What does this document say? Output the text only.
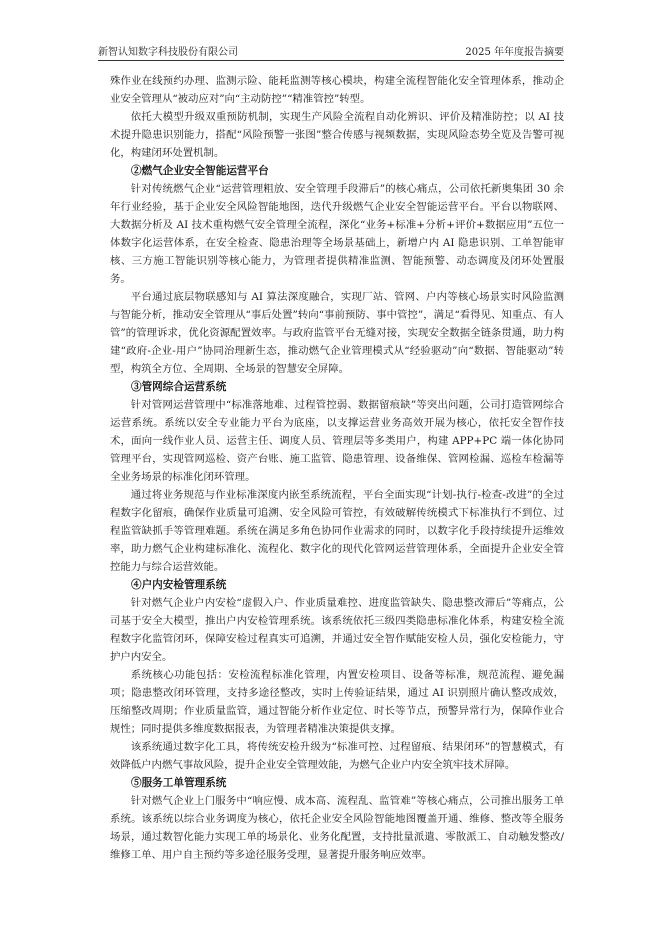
新智认知数字科技股份有限公司	2025 年年度报告摘要

殊作业在线预约办理、监测示险、能耗监测等核心模块，构建全流程智能化安全管理体系，推动企业安全管理从“被动应对”向“主动防控”“精准管控”转型。

依托大模型升级双重预防机制，实现生产风险全流程自动化辨识、评价及精准防控；以 AI 技术提升隐患识别能力，搭配“风险预警一张图”整合传感与视频数据，实现风险态势全览及告警可视化，构建闭环处置机制。

②燃气企业安全智能运营平台

针对传统燃气企业“运营管理粗放、安全管理手段滞后”的核心痛点，公司依托新奥集团 30 余年行业经验，基于企业安全风险智能地图，迭代升级燃气企业安全智能运营平台。平台以物联网、大数据分析及 AI 技术重构燃气安全管理全流程，深化“业务+标准+分析+评价+数据应用”五位一体数字化运营体系，在安全检查、隐患治理等全场景基础上，新增户内 AI 隐患识别、工单智能审核、三方施工智能识别等核心能力，为管理者提供精准监测、智能预警、动态调度及闭环处置服务。

平台通过底层物联感知与 AI 算法深度融合，实现厂站、管网、户内等核心场景实时风险监测与智能分析，推动安全管理从“事后处置”转向“事前预防、事中管控”，满足“看得见、知重点、有人管”的管理诉求，优化资源配置效率。与政府监管平台无缝对接，实现安全数据全链条贯通，助力构建“政府-企业-用户”协同治理新生态，推动燃气企业管理模式从“经验驱动”向“数据、智能驱动”转型，构筑全方位、全周期、全场景的智慧安全屏障。

③管网综合运营系统

针对管网运营管理中“标准落地难、过程管控弱、数据留痕缺”等突出问题，公司打造管网综合运营系统。系统以安全专业能力平台为底座，以支撑运营业务高效开展为核心，依托安全智作技术，面向一线作业人员、运营主任、调度人员、管理层等多类用户，构建 APP+PC 端一体化协同管理平台，实现管网巡检、资产台账、施工监管、隐患管理、设备维保、管网检漏、巡检车检漏等全业务场景的标准化闭环管理。

通过将业务规范与作业标准深度内嵌至系统流程，平台全面实现“计划-执行-检查-改进”的全过程数字化留痕，确保作业质量可追溯、安全风险可管控，有效破解传统模式下标准执行不到位、过程监管缺抓手等管理难题。系统在满足多角色协同作业需求的同时，以数字化手段持续提升运维效率，助力燃气企业构建标准化、流程化、数字化的现代化管网运营管理体系，全面提升企业安全管控能力与综合运营效能。

④户内安检管理系统

针对燃气企业户内安检“虚假入户、作业质量难控、进度监管缺失、隐患整改滞后”等痛点，公司基于安全大模型，推出户内安检管理系统。该系统依托三级四类隐患标准化体系，构建安检全流程数字化监管闭环，保障安检过程真实可追溯，并通过安全智作赋能安检人员，强化安检能力，守护户内安全。

系统核心功能包括：安检流程标准化管理，内置安检项目、设备等标准，规范流程、避免漏项；隐患整改闭环管理，支持多途径整改，实时上传验证结果，通过 AI 识别照片确认整改成效，压缩整改周期；作业质量监管，通过智能分析作业定位、时长等节点，预警异常行为，保障作业合规性；同时提供多维度数据报表，为管理者精准决策提供支撑。

该系统通过数字化工具，将传统安检升级为“标准可控、过程留痕、结果闭环”的智慧模式，有效降低户内燃气事故风险，提升企业安全管理效能，为燃气企业户内安全筑牢技术屏障。

⑤服务工单管理系统

针对燃气企业上门服务中“响应慢、成本高、流程乱、监管难”等核心痛点，公司推出服务工单系统。该系统以综合业务调度为核心，依托企业安全风险智能地图覆盖开通、维修、整改等全服务场景，通过数智化能力实现工单的场景化、业务化配置，支持批量派遣、零散派工、自动触发整改/维修工单、用户自主预约等多途径服务受理，显著提升服务响应效率。
